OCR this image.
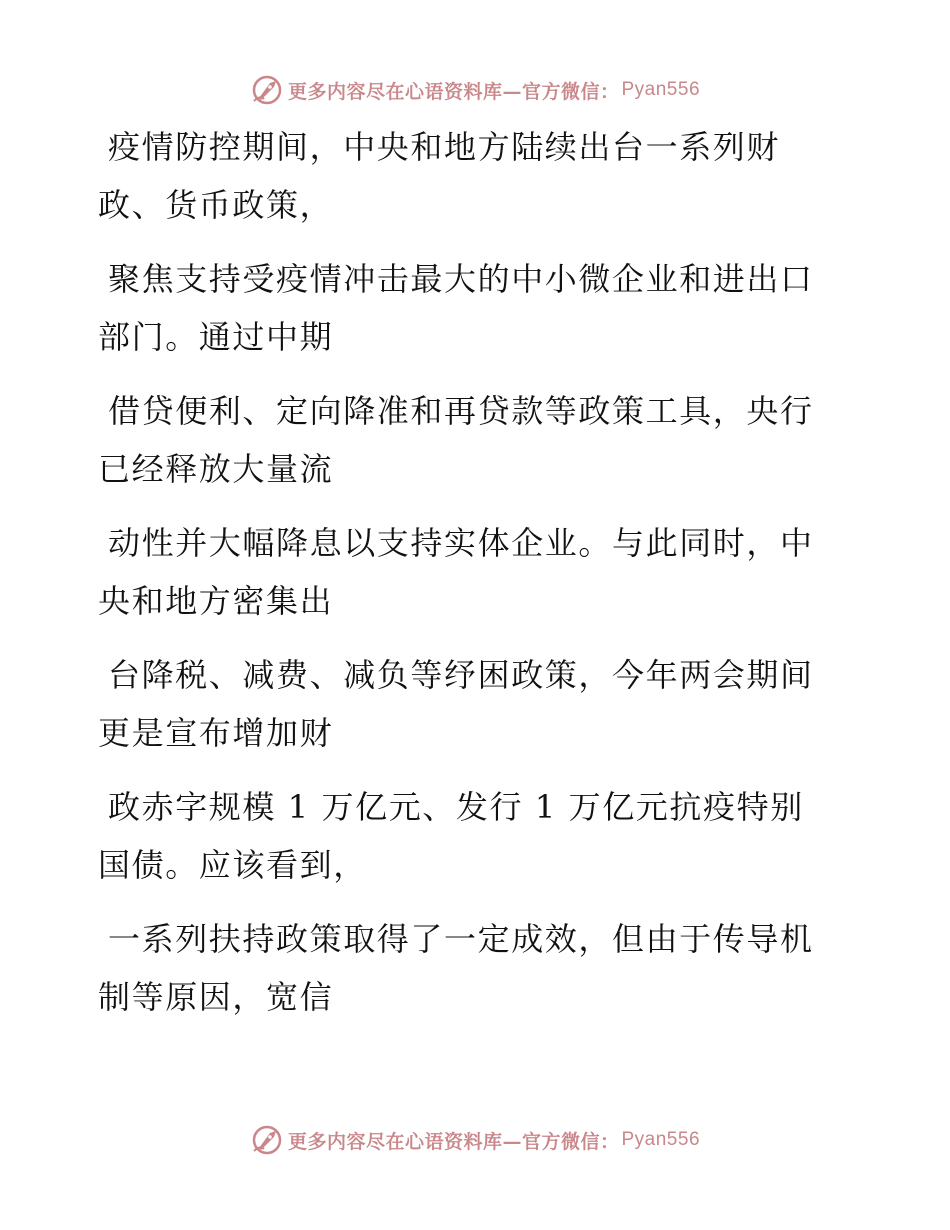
更多内容尽在心语资料库—官方微信： Pyan556

疫情防控期间，中央和地方陆续出台一系列财
政、货币政策，

聚焦支持受疫情冲击最大的中小微企业和进出口
部门。通过中期

借贷便利、定向降准和再贷款等政策工具，央行
已经释放大量流

动性并大幅降息以支持实体企业。与此同时，中
央和地方密集出

台降税、减费、减负等纾困政策，今年两会期间
更是宣布增加财

政赤字规模 1 万亿元、发行 1 万亿元抗疫特别
国债。应该看到，

一系列扶持政策取得了一定成效，但由于传导机
制等原因，宽信

更多内容尽在心语资料库—官方微信： Pyan556
